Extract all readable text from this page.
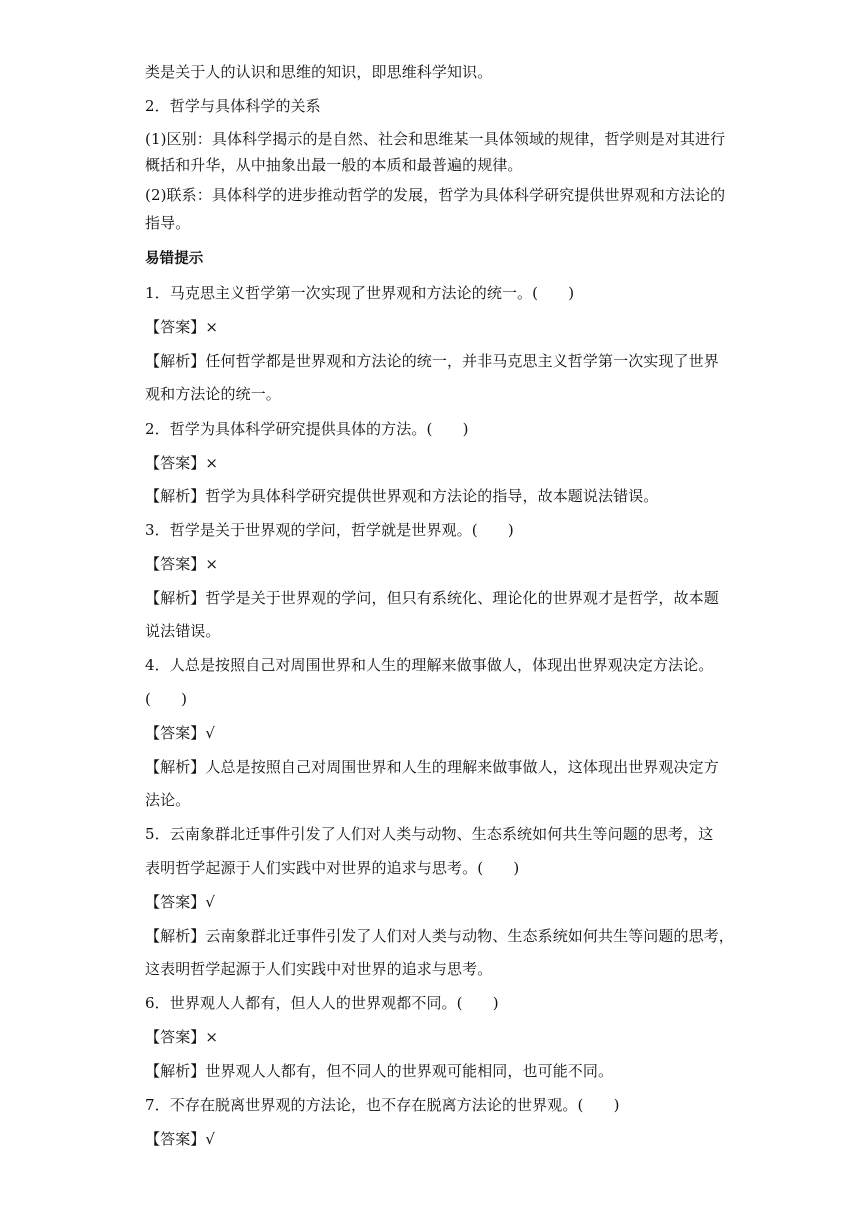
类是关于人的认识和思维的知识，即思维科学知识。
2．哲学与具体科学的关系
(1)区别：具体科学揭示的是自然、社会和思维某一具体领域的规律，哲学则是对其进行
概括和升华，从中抽象出最一般的本质和最普遍的规律。
(2)联系：具体科学的进步推动哲学的发展，哲学为具体科学研究提供世界观和方法论的
指导。
易错提示
1．马克思主义哲学第一次实现了世界观和方法论的统一。(　　)
【答案】×
【解析】任何哲学都是世界观和方法论的统一，并非马克思主义哲学第一次实现了世界
观和方法论的统一。
2．哲学为具体科学研究提供具体的方法。(　　)
【答案】×
【解析】哲学为具体科学研究提供世界观和方法论的指导，故本题说法错误。
3．哲学是关于世界观的学问，哲学就是世界观。(　　)
【答案】×
【解析】哲学是关于世界观的学问，但只有系统化、理论化的世界观才是哲学，故本题
说法错误。
4．人总是按照自己对周围世界和人生的理解来做事做人，体现出世界观决定方法论。
(　　)
【答案】√
【解析】人总是按照自己对周围世界和人生的理解来做事做人，这体现出世界观决定方
法论。
5．云南象群北迁事件引发了人们对人类与动物、生态系统如何共生等问题的思考，这
表明哲学起源于人们实践中对世界的追求与思考。(　　)
【答案】√
【解析】云南象群北迁事件引发了人们对人类与动物、生态系统如何共生等问题的思考，
这表明哲学起源于人们实践中对世界的追求与思考。
6．世界观人人都有，但人人的世界观都不同。(　　)
【答案】×
【解析】世界观人人都有，但不同人的世界观可能相同，也可能不同。
7．不存在脱离世界观的方法论，也不存在脱离方法论的世界观。(　　)
【答案】√
